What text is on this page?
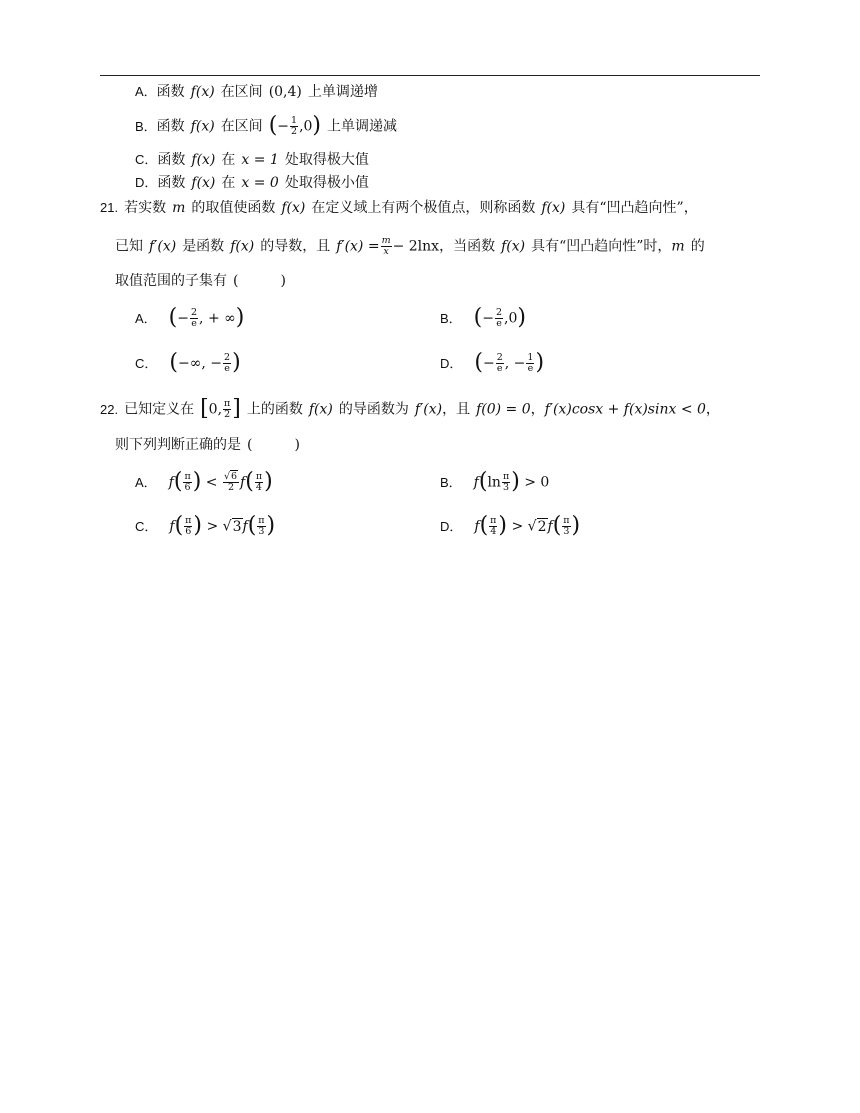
A．函数 f(x) 在区间 (0,4) 上单调递增
B．函数 f(x) 在区间 (− $\frac{1}{2} ,0$) 上单调递减
C．函数 f(x) 在 x = 1 处取得极大值
D．函数 f(x) 在 x = 0 处取得极小值
21. 若实数 m 的取值使函数 f(x) 在定义域上有两个极值点，则称函数 f(x) 具有“凹凸趋向性”，
已知 f′(x) 是函数 f(x) 的导数，且 $f'(x) = \frac{m}{x} - 2\ln x$，当函数 f(x) 具有“凹凸趋向性”时，m 的
取值范围的子集有 (	)
A． (− $\frac{2}{e}$ , + ∞)	B． (− $\frac{2}{e} ,0$)
C． (−∞, − $\frac{2}{e}$ )	D． (− $\frac{2}{e}$ , − $\frac{1}{e}$ )
22. 已知定义在 [0, $\frac{\pi}{2}$ ] 上的函数 f(x) 的导函数为 f′(x)，且 f(0) = 0，f′(x)cosx + f(x)sinx < 0，
则下列判断正确的是 (	)
A． $f( \frac{\pi}{6}$ ) < $\frac{√6}{2} f( \frac{\pi}{4}$ )	B． $f(\ln \frac{\pi}{3}$ ) > 0
C． $f( \frac{\pi}{6}$ ) > $√3f( \frac{\pi}{3}$ )	D． $f( \frac{\pi}{4}$ ) > $√2f( \frac{\pi}{3}$ )
